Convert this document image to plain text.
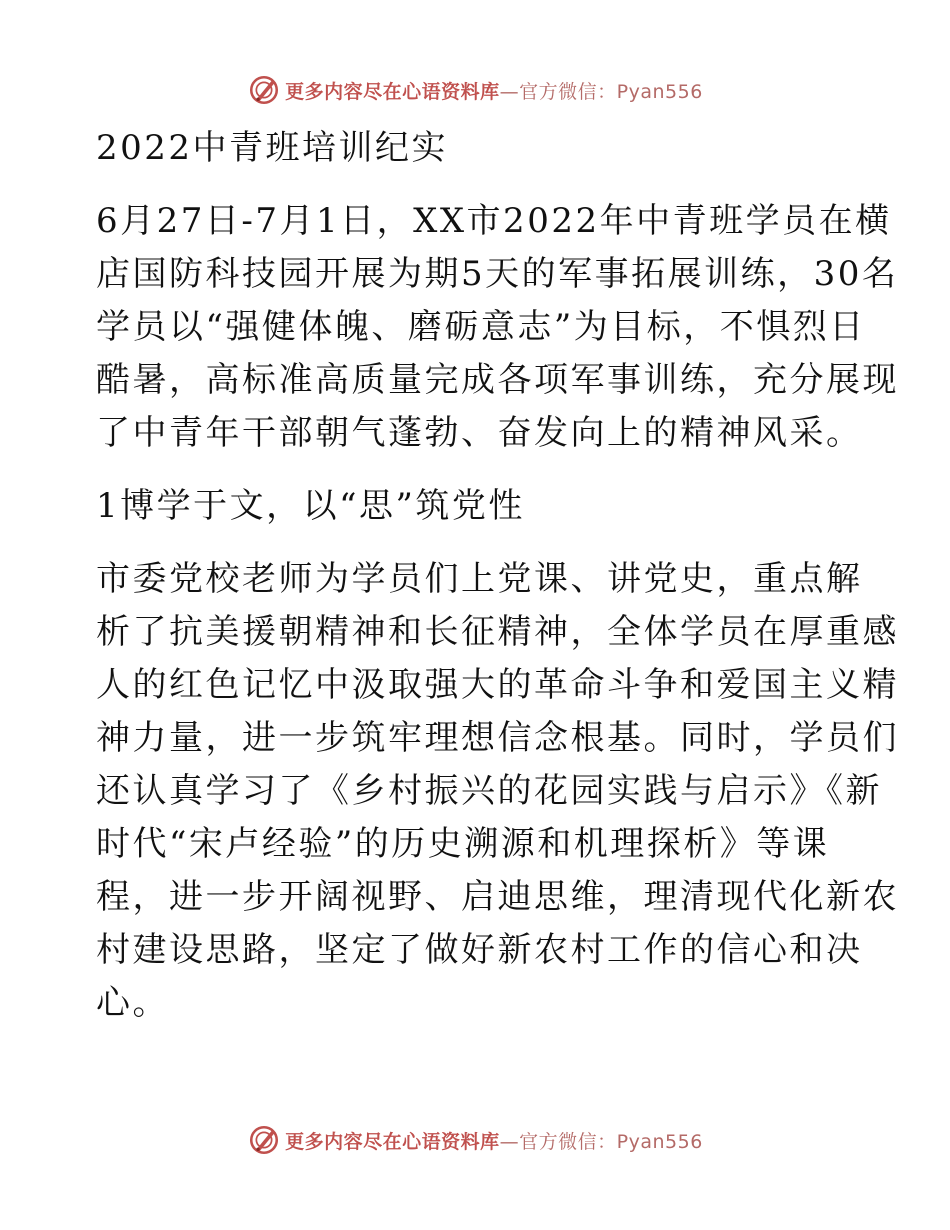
更多内容尽在心语资料库—官方微信：Pyan556
2022中青班培训纪实
6月27日-7月1日，XX市2022年中青班学员在横
店国防科技园开展为期5天的军事拓展训练，30名
学员以“强健体魄、磨砺意志”为目标，不惧烈日
酷暑，高标准高质量完成各项军事训练，充分展现
了中青年干部朝气蓬勃、奋发向上的精神风采。
1博学于文，以“思”筑党性
市委党校老师为学员们上党课、讲党史，重点解
析了抗美援朝精神和长征精神，全体学员在厚重感
人的红色记忆中汲取强大的革命斗争和爱国主义精
神力量，进一步筑牢理想信念根基。同时，学员们
还认真学习了《乡村振兴的花园实践与启示》《新
时代“宋卢经验”的历史溯源和机理探析》等课
程，进一步开阔视野、启迪思维，理清现代化新农
村建设思路，坚定了做好新农村工作的信心和决
心。
更多内容尽在心语资料库—官方微信：Pyan556
